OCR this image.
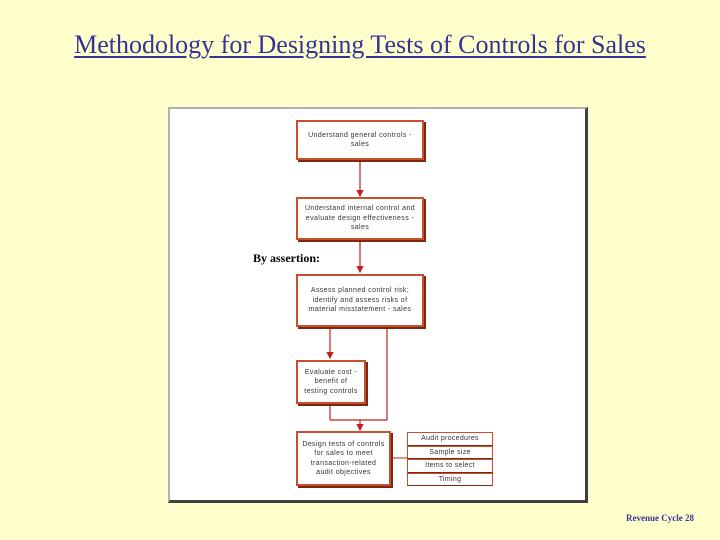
Methodology for Designing Tests of Controls for Sales
Understand general controls - sales
Understand internal control and evaluate design effectiveness - sales
By assertion:
Assess planned control risk; identify and assess risks of material misstatement - sales
Evaluate cost -benefit of testing controls
Design tests of controls for sales to meet transaction-related audit objectives
Audit procedures
Sample size
Items to select
Timing
Revenue Cycle 28
